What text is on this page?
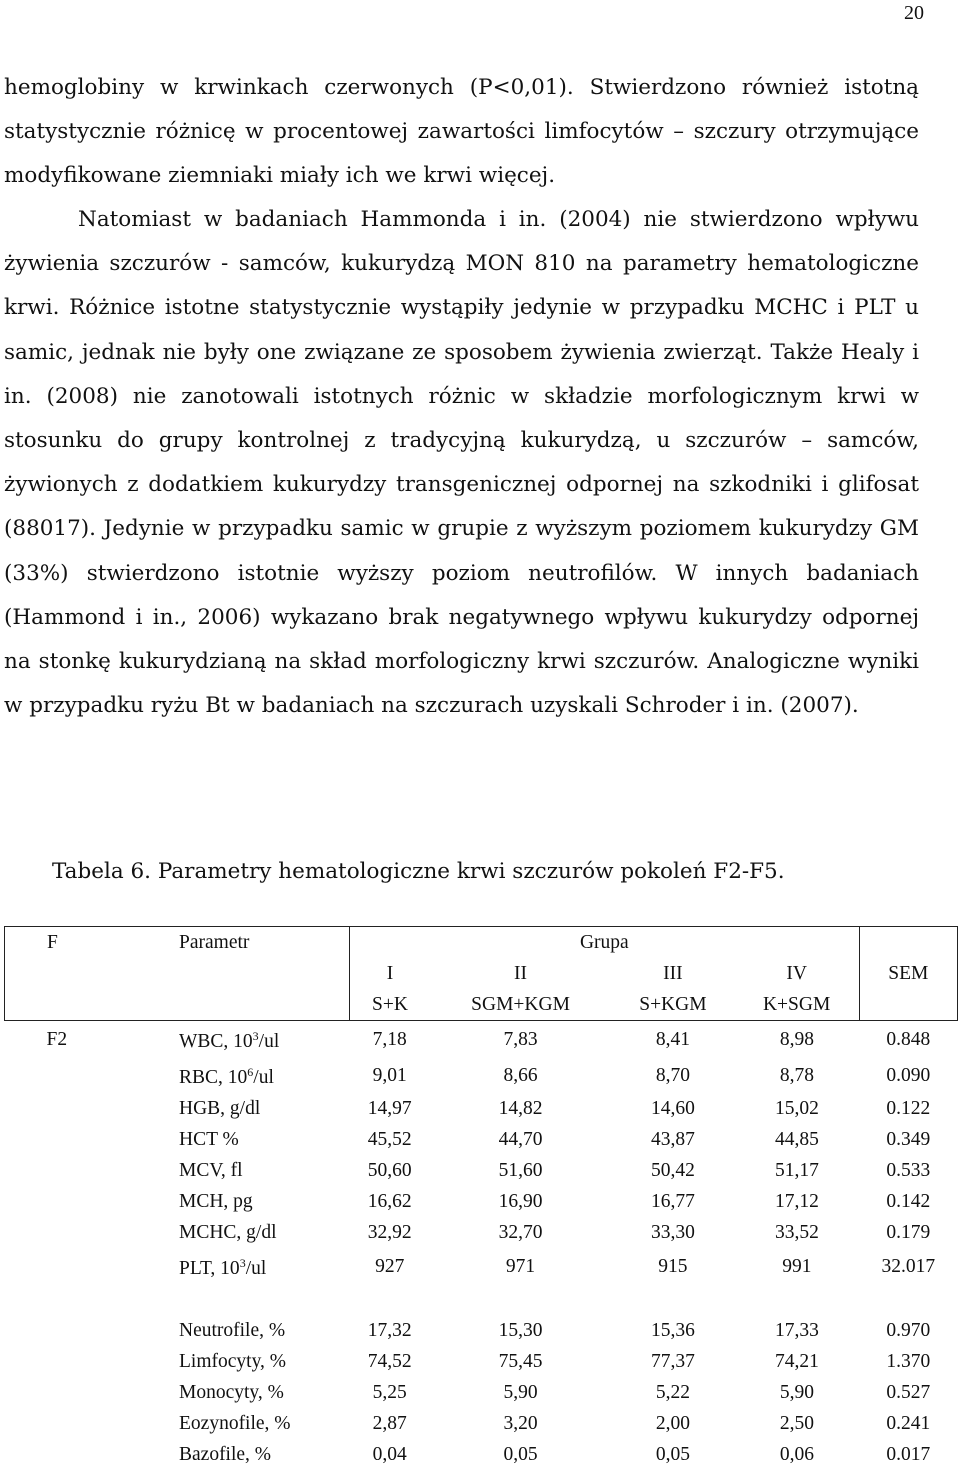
20

hemoglobiny w krwinkach czerwonych (P<0,01). Stwierdzono również istotną statystycznie różnicę w procentowej zawartości limfocytów – szczury otrzymujące modyfikowane ziemniaki miały ich we krwi więcej.

Natomiast w badaniach Hammonda i in. (2004) nie stwierdzono wpływu żywienia szczurów - samców, kukurydzą MON 810 na parametry hematologiczne krwi. Różnice istotne statystycznie wystąpiły jedynie w przypadku MCHC i PLT u samic, jednak nie były one związane ze sposobem żywienia zwierząt. Także Healy i in. (2008) nie zanotowali istotnych różnic w składzie morfologicznym krwi w stosunku do grupy kontrolnej z tradycyjną kukurydzą, u szczurów – samców, żywionych z dodatkiem kukurydzy transgenicznej odpornej na szkodniki i glifosat (88017). Jedynie w przypadku samic w grupie z wyższym poziomem kukurydzy GM (33%) stwierdzono istotnie wyższy poziom neutrofilów. W innych badaniach (Hammond i in., 2006) wykazano brak negatywnego wpływu kukurydzy odpornej na stonkę kukurydzianą na skład morfologiczny krwi szczurów. Analogiczne wyniki w przypadku ryżu Bt w badaniach na szczurach uzyskali Schroder i in. (2007).

Tabela 6. Parametry hematologiczne krwi szczurów pokoleń F2-F5.

F	Parametr	Grupa				
		I	II	III	IV	SEM
		S+K	SGM+KGM	S+KGM	K+SGM	
F2	WBC, $10^3/ul$	7,18	7,83	8,41	8,98	0.848
	RBC, $10^6/ul$	9,01	8,66	8,70	8,78	0.090
	HGB, g/dl	14,97	14,82	14,60	15,02	0.122
	HCT %	45,52	44,70	43,87	44,85	0.349
	MCV, fl	50,60	51,60	50,42	51,17	0.533
	MCH, pg	16,62	16,90	16,77	17,12	0.142
	MCHC, g/dl	32,92	32,70	33,30	33,52	0.179
	PLT, $10^3/ul$	927	971	915	991	32.017

	Neutrofile, %	17,32	15,30	15,36	17,33	0.970
	Limfocyty, %	74,52	75,45	77,37	74,21	1.370
	Monocyty, %	5,25	5,90	5,22	5,90	0.527
	Eozynofile, %	2,87	3,20	2,00	2,50	0.241
	Bazofile, %	0,04	0,05	0,05	0,06	0.017
